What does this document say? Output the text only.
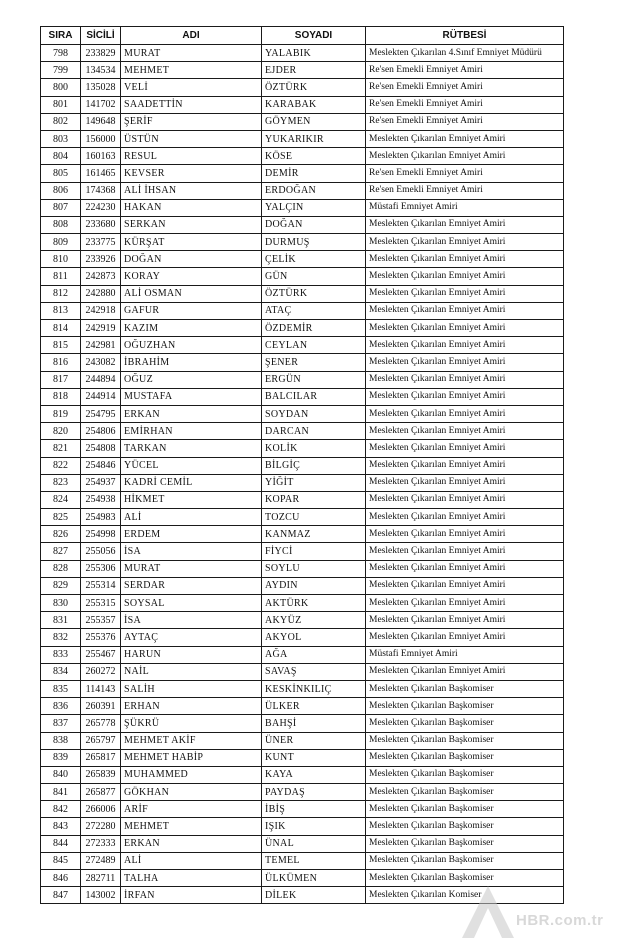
SIRA	SİCİLİ	ADI	SOYADI	RÜTBESİ
798	233829	MURAT	YALABIK	Meslekten Çıkarılan 4.Sınıf Emniyet Müdürü
799	134534	MEHMET	EJDER	Re'sen Emekli Emniyet Amiri
800	135028	VELİ	ÖZTÜRK	Re'sen Emekli Emniyet Amiri
801	141702	SAADETTİN	KARABAK	Re'sen Emekli Emniyet Amiri
802	149648	ŞERİF	GÖYMEN	Re'sen Emekli Emniyet Amiri
803	156000	ÜSTÜN	YUKARIKIR	Meslekten Çıkarılan Emniyet Amiri
804	160163	RESUL	KÖSE	Meslekten Çıkarılan Emniyet Amiri
805	161465	KEVSER	DEMİR	Re'sen Emekli Emniyet Amiri
806	174368	ALİ İHSAN	ERDOĞAN	Re'sen Emekli Emniyet Amiri
807	224230	HAKAN	YALÇIN	Müstafi Emniyet Amiri
808	233680	SERKAN	DOĞAN	Meslekten Çıkarılan Emniyet Amiri
809	233775	KÜRŞAT	DURMUŞ	Meslekten Çıkarılan Emniyet Amiri
810	233926	DOĞAN	ÇELİK	Meslekten Çıkarılan Emniyet Amiri
811	242873	KORAY	GÜN	Meslekten Çıkarılan Emniyet Amiri
812	242880	ALİ OSMAN	ÖZTÜRK	Meslekten Çıkarılan Emniyet Amiri
813	242918	GAFUR	ATAÇ	Meslekten Çıkarılan Emniyet Amiri
814	242919	KAZIM	ÖZDEMİR	Meslekten Çıkarılan Emniyet Amiri
815	242981	OĞUZHAN	CEYLAN	Meslekten Çıkarılan Emniyet Amiri
816	243082	İBRAHİM	ŞENER	Meslekten Çıkarılan Emniyet Amiri
817	244894	OĞUZ	ERGÜN	Meslekten Çıkarılan Emniyet Amiri
818	244914	MUSTAFA	BALCILAR	Meslekten Çıkarılan Emniyet Amiri
819	254795	ERKAN	SOYDAN	Meslekten Çıkarılan Emniyet Amiri
820	254806	EMİRHAN	DARCAN	Meslekten Çıkarılan Emniyet Amiri
821	254808	TARKAN	KOLİK	Meslekten Çıkarılan Emniyet Amiri
822	254846	YÜCEL	BİLGİÇ	Meslekten Çıkarılan Emniyet Amiri
823	254937	KADRİ CEMİL	YİĞİT	Meslekten Çıkarılan Emniyet Amiri
824	254938	HİKMET	KOPAR	Meslekten Çıkarılan Emniyet Amiri
825	254983	ALİ	TOZCU	Meslekten Çıkarılan Emniyet Amiri
826	254998	ERDEM	KANMAZ	Meslekten Çıkarılan Emniyet Amiri
827	255056	İSA	FİYCİ	Meslekten Çıkarılan Emniyet Amiri
828	255306	MURAT	SOYLU	Meslekten Çıkarılan Emniyet Amiri
829	255314	SERDAR	AYDIN	Meslekten Çıkarılan Emniyet Amiri
830	255315	SOYSAL	AKTÜRK	Meslekten Çıkarılan Emniyet Amiri
831	255357	İSA	AKYÜZ	Meslekten Çıkarılan Emniyet Amiri
832	255376	AYTAÇ	AKYOL	Meslekten Çıkarılan Emniyet Amiri
833	255467	HARUN	AĞA	Müstafi Emniyet Amiri
834	260272	NAİL	SAVAŞ	Meslekten Çıkarılan Emniyet Amiri
835	114143	SALİH	KESKİNKILIÇ	Meslekten Çıkarılan Başkomiser
836	260391	ERHAN	ÜLKER	Meslekten Çıkarılan Başkomiser
837	265778	ŞÜKRÜ	BAHŞİ	Meslekten Çıkarılan Başkomiser
838	265797	MEHMET AKİF	ÜNER	Meslekten Çıkarılan Başkomiser
839	265817	MEHMET HABİP	KUNT	Meslekten Çıkarılan Başkomiser
840	265839	MUHAMMED	KAYA	Meslekten Çıkarılan Başkomiser
841	265877	GÖKHAN	PAYDAŞ	Meslekten Çıkarılan Başkomiser
842	266006	ARİF	İBİŞ	Meslekten Çıkarılan Başkomiser
843	272280	MEHMET	IŞIK	Meslekten Çıkarılan Başkomiser
844	272333	ERKAN	ÜNAL	Meslekten Çıkarılan Başkomiser
845	272489	ALİ	TEMEL	Meslekten Çıkarılan Başkomiser
846	282711	TALHA	ÜLKÜMEN	Meslekten Çıkarılan Başkomiser
847	143002	İRFAN	DİLEK	Meslekten Çıkarılan Komiser
HBR.com.tr
